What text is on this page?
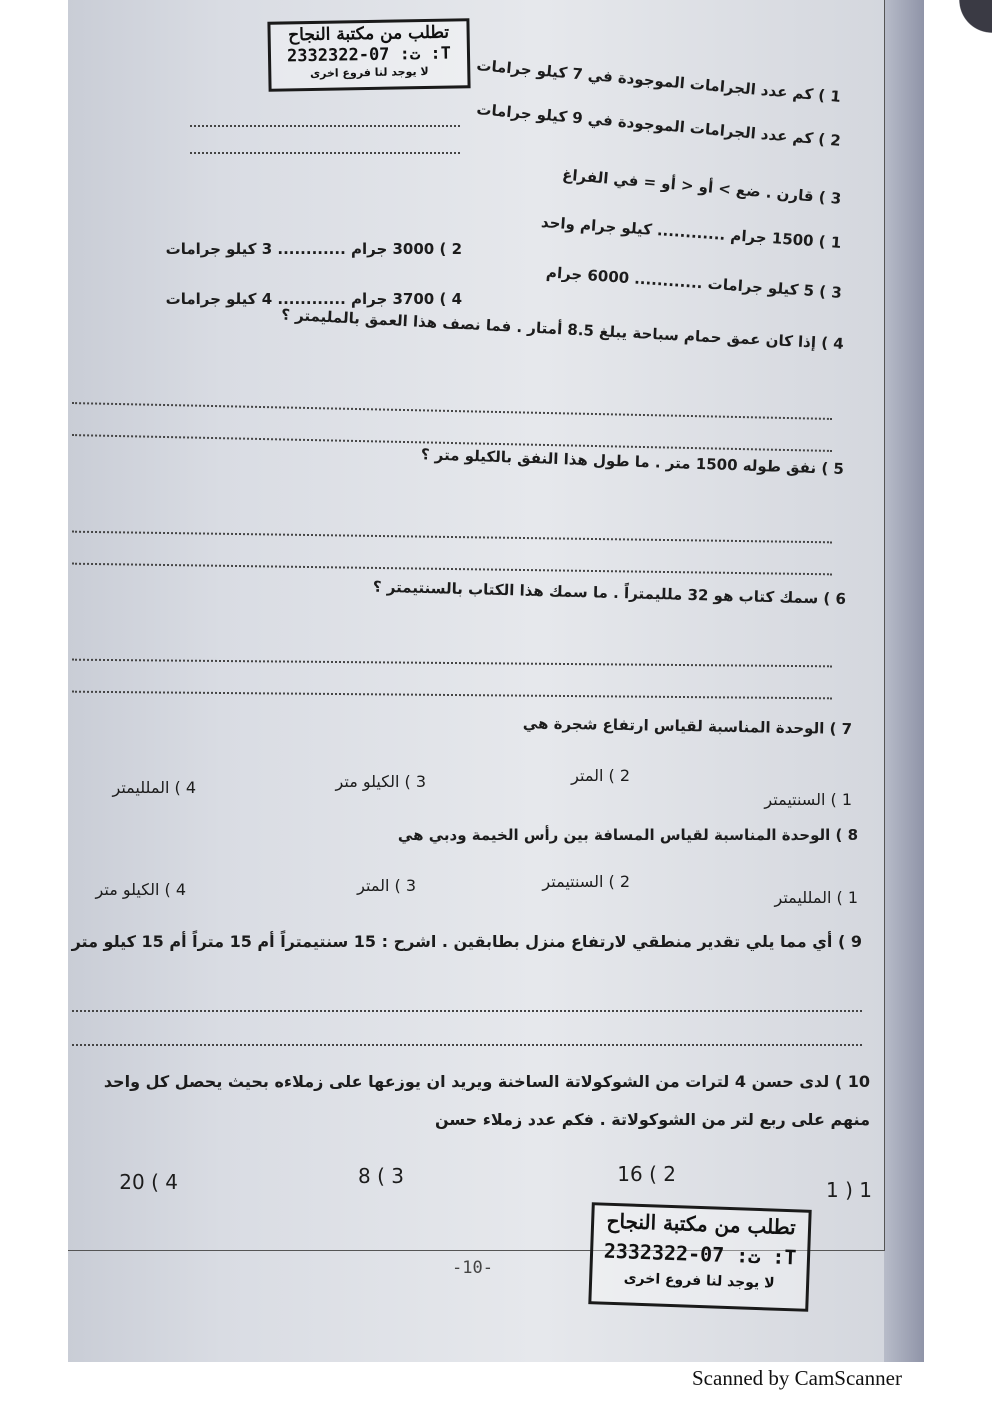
تطلب من مكتبة النجاح
ت: 07-2332322 :T
لا يوجد لنا فروع اخرى	1 ) كم عدد الجرامات الموجودة في 7 كيلو جرامات
2 ) كم عدد الجرامات الموجودة في 9 كيلو جرامات
3 ) قارن . ضع > أو < أو = في الفراغ
1 ) 1500 جرام ............ كيلو جرام واحد
2 ) 3000 جرام ............ 3 كيلو جرامات
3 ) 5 كيلو جرامات ............ 6000 جرام
4 ) 3700 جرام ............ 4 كيلو جرامات
4 ) إذا كان عمق حمام سباحة يبلغ 8.5 أمتار . فما نصف هذا العمق بالمليمتر ؟
5 ) نفق طوله 1500 متر . ما طول هذا النفق بالكيلو متر ؟
6 ) سمك كتاب هو 32 ملليمتراً . ما سمك هذا الكتاب بالسنتيمتر ؟
7 ) الوحدة المناسبة لقياس ارتفاع شجرة هي
1 ) السنتيمتر
2 ) المتر
3 ) الكيلو متر
4 ) الملليمتر
8 ) الوحدة المناسبة لقياس المسافة بين رأس الخيمة ودبي هي
1 ) الملليمتر
2 ) السنتيمتر
3 ) المتر
4 ) الكيلو متر
9 ) أي مما يلي تقدير منطقي لارتفاع منزل بطابقين . اشرح : 15 سنتيمتراً أم 15 متراً أم 15 كيلو متر
10 ) لدى حسن 4 لترات من الشوكولاتة الساخنة ويريد ان يوزعها على زملاءه بحيث يحصل كل واحد
منهم على ربع لتر من الشوكولاتة . فكم عدد زملاء حسن
1 ( 1
2 ) 16
3 ) 8
4 ) 20
تطلب من مكتبة النجاح
ت: 07-2332322 :T
لا يوجد لنا فروع اخرى
-10-
Scanned by CamScanner
